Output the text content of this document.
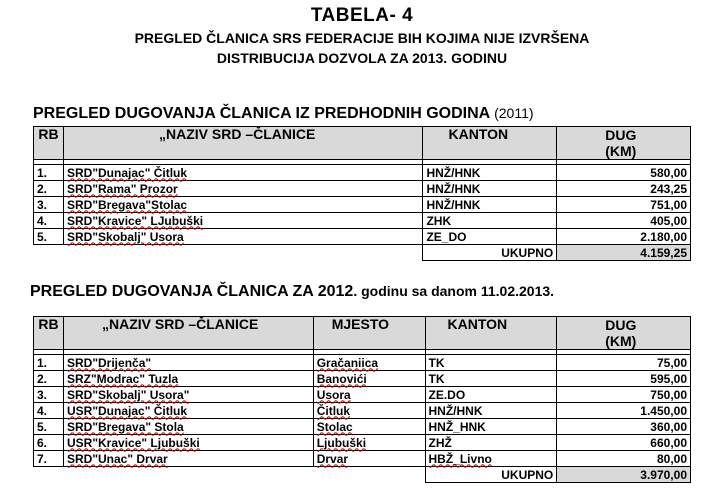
TABELA- 4
PREGLED ČLANICA SRS FEDERACIJE BIH KOJIMA NIJE IZVRŠENA
DISTRIBUCIJA DOZVOLA ZA 2013. GODINU
PREGLED DUGOVANJA ČLANICA IZ PREDHODNIH GODINA (2011)
RB	„NAZIV SRD –ČLANICE	KANTON	DUG
(KM)

1.	SRD"Dunajac" Čitluk	HNŽ/HNK	580,00
2.	SRD"Rama" Prozor	HNŽ/HNK	243,25
3.	SRD"Bregava"Stolac	HNŽ/HNK	751,00
4.	SRD"Kravice" LJubuški	ZHK	405,00
5.	SRD"Skobalj" Usora	ZE_DO	2.180,00
		UKUPNO	4.159,25
PREGLED DUGOVANJA ČLANICA ZA 2012. godinu sa danom 11.02.2013.
RB	„NAZIV SRD –ČLANICE	MJESTO	KANTON	DUG
(KM)

1.	SRD"Drijenča"	Gračaniica	TK	75,00
2.	SRZ"Modrac" Tuzla	Banovići	TK	595,00
3.	SRD"Skobalj" Usora"	Usora	ZE.DO	750,00
4.	USR"Dunajac" Čitluk	Čitluk	HNŽ/HNK	1.450,00
5.	SRD"Bregava" Stola	Stolac	HNŽ_HNK	360,00
6.	USR"Kravice" Ljubuški	Ljubuški	ZHŽ	660,00
7.	SRD"Unac" Drvar	Drvar	HBŽ_Livno	80,00
			UKUPNO	3.970,00
